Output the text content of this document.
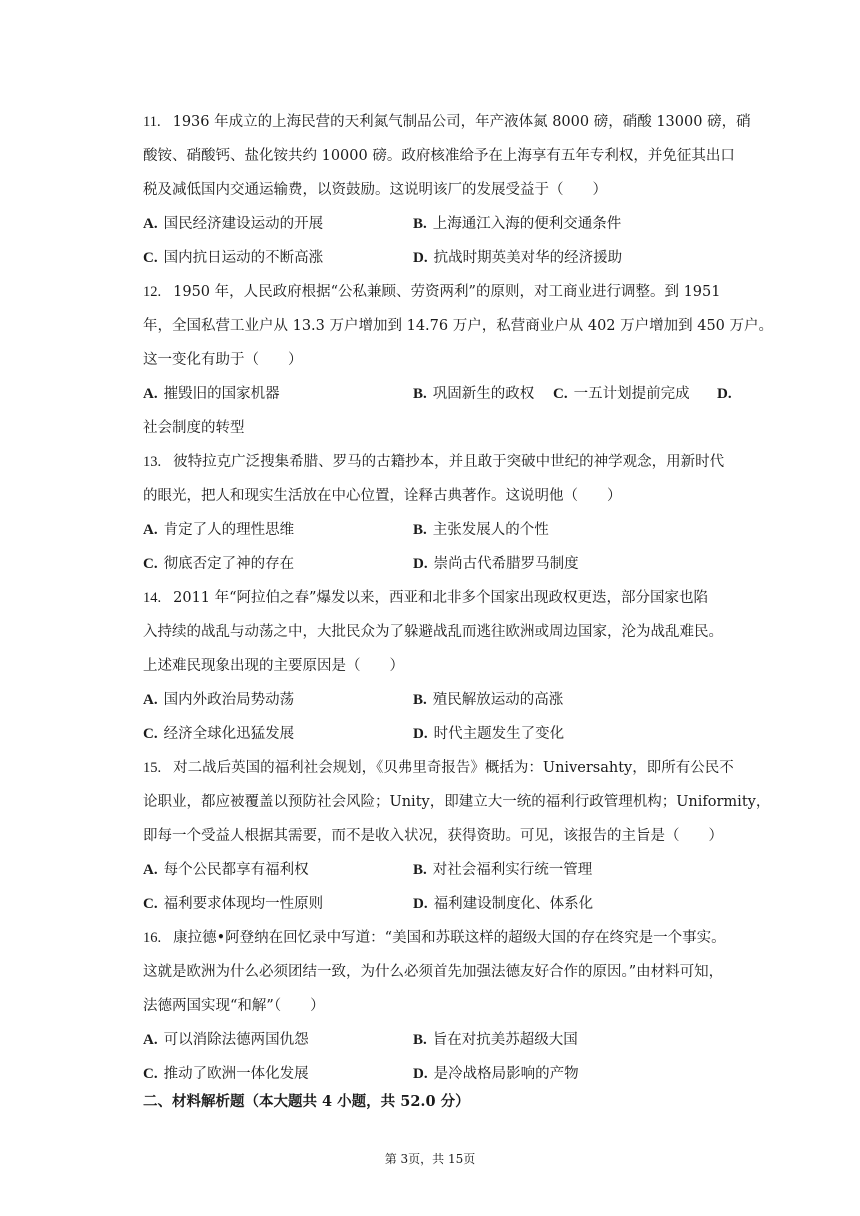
11. 1936 年成立的上海民营的天利氮气制品公司，年产液体氮 8000 磅，硝酸 13000 磅，硝
酸铵、硝酸钙、盐化铵共约 10000 磅。政府核准给予在上海享有五年专利权，并免征其出口
税及减低国内交通运输费，以资鼓励。这说明该厂的发展受益于（　　）
A. 国民经济建设运动的开展	B. 上海通江入海的便利交通条件
C. 国内抗日运动的不断高涨	D. 抗战时期英美对华的经济援助
12. 1950 年，人民政府根据“公私兼顾、劳资两利”的原则，对工商业进行调整。到 1951
年，全国私营工业户从 13.3 万户增加到 14.76 万户，私营商业户从 402 万户增加到 450 万户。
这一变化有助于（　　）
A. 摧毁旧的国家机器	B. 巩固新生的政权 C. 一五计划提前完成 D.
社会制度的转型
13. 彼特拉克广泛搜集希腊、罗马的古籍抄本，并且敢于突破中世纪的神学观念，用新时代
的眼光，把人和现实生活放在中心位置，诠释古典著作。这说明他（　　）
A. 肯定了人的理性思维	B. 主张发展人的个性
C. 彻底否定了神的存在	D. 崇尚古代希腊罗马制度
14. 2011 年“阿拉伯之春”爆发以来，西亚和北非多个国家出现政权更迭，部分国家也陷
入持续的战乱与动荡之中，大批民众为了躲避战乱而逃往欧洲或周边国家，沦为战乱难民。
上述难民现象出现的主要原因是（　　）
A. 国内外政治局势动荡	B. 殖民解放运动的高涨
C. 经济全球化迅猛发展	D. 时代主题发生了变化
15. 对二战后英国的福利社会规划，《贝弗里奇报告》概括为：Universahty，即所有公民不
论职业，都应被覆盖以预防社会风险；Unity，即建立大一统的福利行政管理机构；Uniformity，
即每一个受益人根据其需要，而不是收入状况，获得资助。可见，该报告的主旨是（　　）
A. 每个公民都享有福利权	B. 对社会福利实行统一管理
C. 福利要求体现均一性原则	D. 福利建设制度化、体系化
16. 康拉德•阿登纳在回忆录中写道：“美国和苏联这样的超级大国的存在终究是一个事实。
这就是欧洲为什么必须团结一致，为什么必须首先加强法德友好合作的原因。”由材料可知，
法德两国实现“和解”（　　）
A. 可以消除法德两国仇怨	B. 旨在对抗美苏超级大国
C. 推动了欧洲一体化发展	D. 是冷战格局影响的产物
二、材料解析题（本大题共 4 小题，共 52.0 分）
第 3页，共 15页
